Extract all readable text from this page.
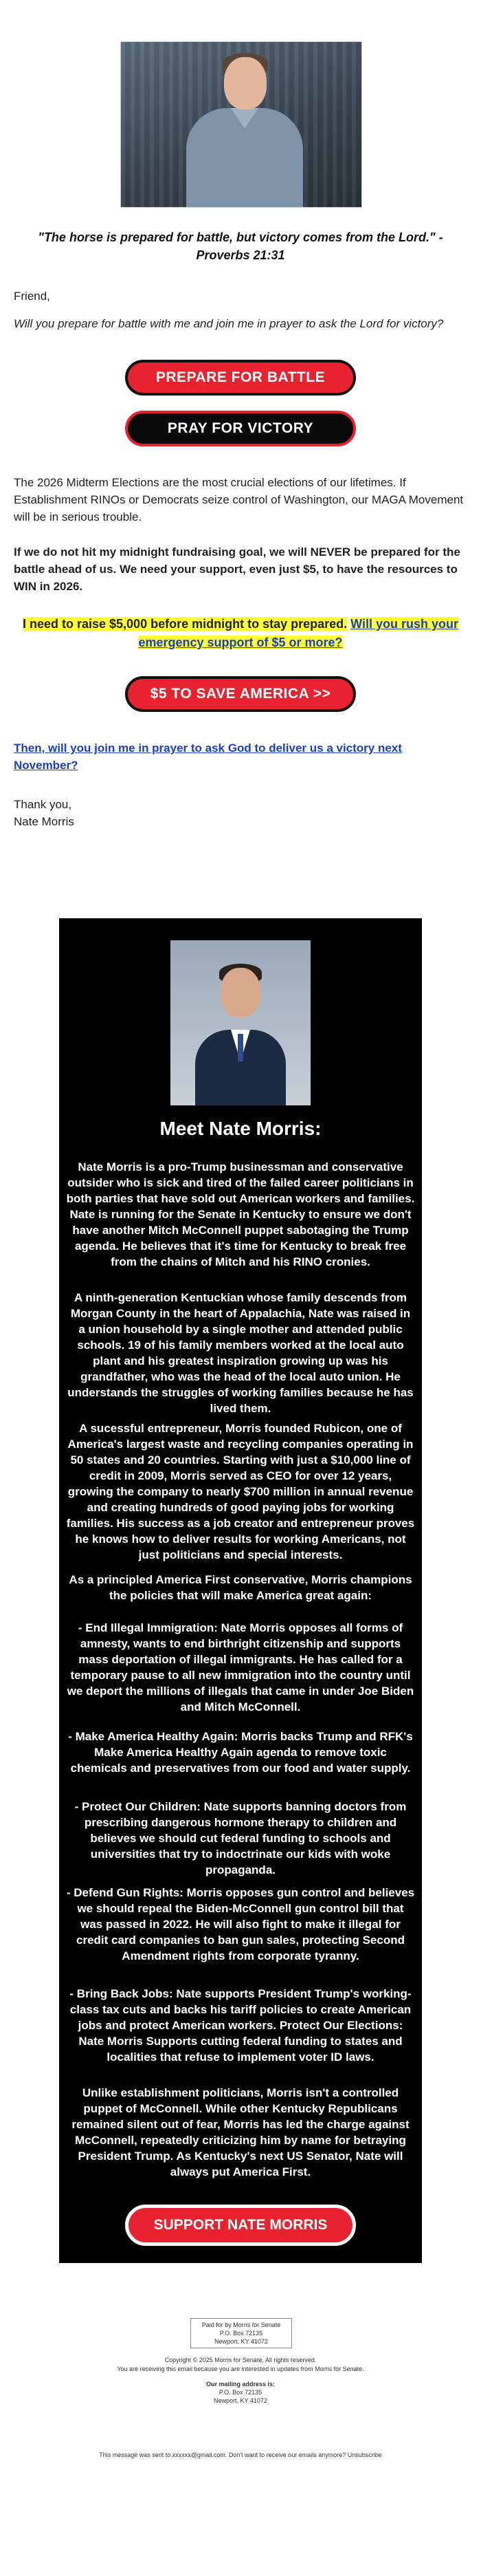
"The horse is prepared for battle, but victory comes from the Lord." - Proverbs 21:31
Friend,
Will you prepare for battle with me and join me in prayer to ask the Lord for victory?
PREPARE FOR BATTLE
PRAY FOR VICTORY
The 2026 Midterm Elections are the most crucial elections of our lifetimes. If Establishment RINOs or Democrats seize control of Washington, our MAGA Movement will be in serious trouble.
If we do not hit my midnight fundraising goal, we will NEVER be prepared for the battle ahead of us. We need your support, even just $5, to have the resources to WIN in 2026.
I need to raise $5,000 before midnight to stay prepared. Will you rush your emergency support of $5 or more?
$5 TO SAVE AMERICA >>
Then, will you join me in prayer to ask God to deliver us a victory next November?
Thank you,
Nate Morris
Meet Nate Morris:
Nate Morris is a pro-Trump businessman and conservative outsider who is sick and tired of the failed career politicians in both parties that have sold out American workers and families. Nate is running for the Senate in Kentucky to ensure we don't have another Mitch McConnell puppet sabotaging the Trump agenda. He believes that it's time for Kentucky to break free from the chains of Mitch and his RINO cronies.
A ninth-generation Kentuckian whose family descends from Morgan County in the heart of Appalachia, Nate was raised in a union household by a single mother and attended public schools. 19 of his family members worked at the local auto plant and his greatest inspiration growing up was his grandfather, who was the head of the local auto union. He understands the struggles of working families because he has lived them.
A sucessful entrepreneur, Morris founded Rubicon, one of America's largest waste and recycling companies operating in 50 states and 20 countries. Starting with just a $10,000 line of credit in 2009, Morris served as CEO for over 12 years, growing the company to nearly $700 million in annual revenue and creating hundreds of good paying jobs for working families. His success as a job creator and entrepreneur proves he knows how to deliver results for working Americans, not just politicians and special interests.
As a principled America First conservative, Morris champions the policies that will make America great again:
- End Illegal Immigration: Nate Morris opposes all forms of amnesty, wants to end birthright citizenship and supports mass deportation of illegal immigrants. He has called for a temporary pause to all new immigration into the country until we deport the millions of illegals that came in under Joe Biden and Mitch McConnell.
- Make America Healthy Again: Morris backs Trump and RFK's Make America Healthy Again agenda to remove toxic chemicals and preservatives from our food and water supply.
- Protect Our Children: Nate supports banning doctors from prescribing dangerous hormone therapy to children and believes we should cut federal funding to schools and universities that try to indoctrinate our kids with woke propaganda.
- Defend Gun Rights: Morris opposes gun control and believes we should repeal the Biden-McConnell gun control bill that was passed in 2022. He will also fight to make it illegal for credit card companies to ban gun sales, protecting Second Amendment rights from corporate tyranny.
- Bring Back Jobs: Nate supports President Trump's working-class tax cuts and backs his tariff policies to create American jobs and protect American workers. Protect Our Elections: Nate Morris Supports cutting federal funding to states and localities that refuse to implement voter ID laws.
Unlike establishment politicians, Morris isn't a controlled puppet of McConnell. While other Kentucky Republicans remained silent out of fear, Morris has led the charge against McConnell, repeatedly criticizing him by name for betraying President Trump. As Kentucky's next US Senator, Nate will always put America First.
SUPPORT NATE MORRIS
Paid for by Morris for Senate
P.O. Box 72135
Newport, KY 41072
Copyright © 2025 Morris for Senate, All rights reserved.
You are receiving this email because you are interested in updates from Morris for Senate.
Our mailing address is:
P.O. Box 72135
Newport, KY 41072
This message was sent to xxxxxx@gmail.com. Don't want to receive our emails anymore? Unsubscribe
